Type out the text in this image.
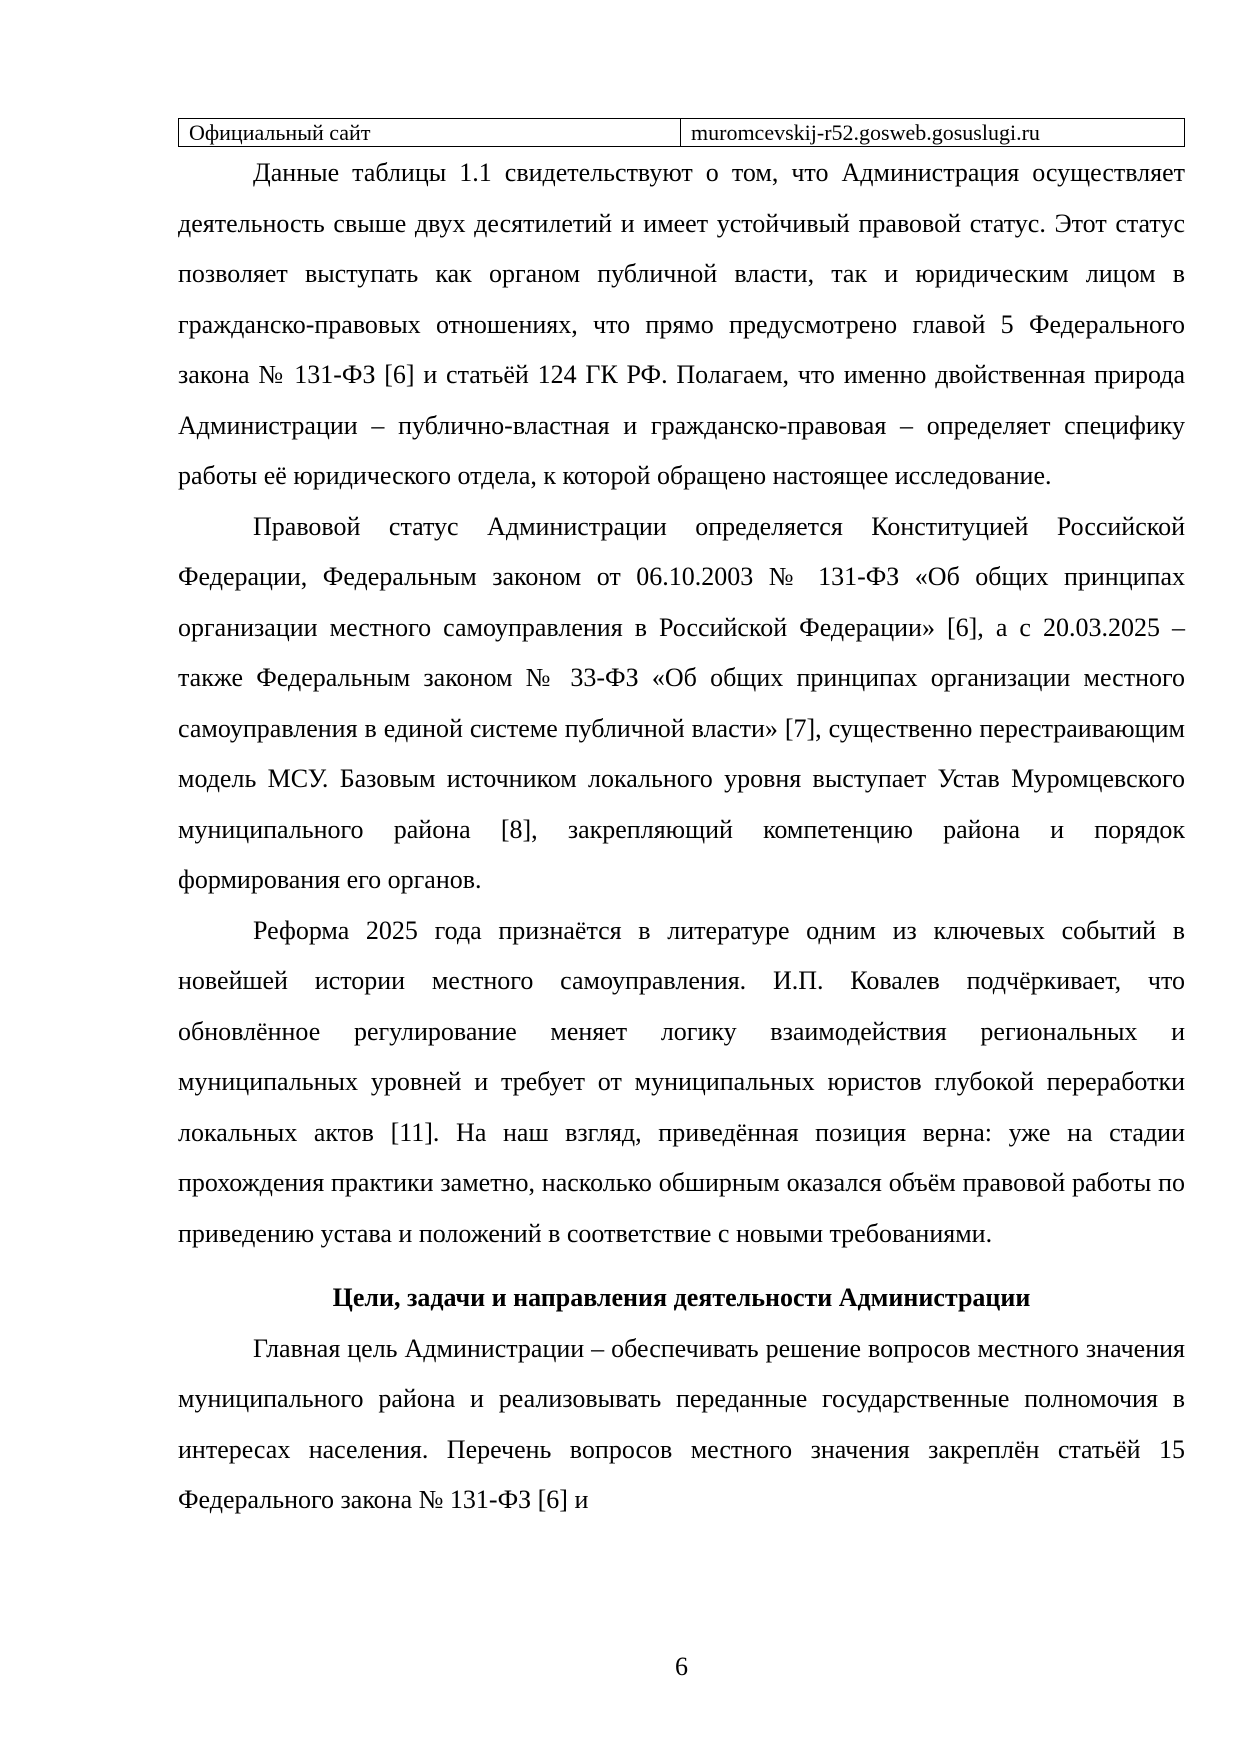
Официальный сайт	muromcevskij-r52.gosweb.gosuslugi.ru

Данные таблицы 1.1 свидетельствуют о том, что Администрация осуществляет деятельность свыше двух десятилетий и имеет устойчивый правовой статус. Этот статус позволяет выступать как органом публичной власти, так и юридическим лицом в гражданско-правовых отношениях, что прямо предусмотрено главой 5 Федерального закона № 131-ФЗ [6] и статьёй 124 ГК РФ. Полагаем, что именно двойственная природа Администрации – публично-властная и гражданско-правовая – определяет специфику работы её юридического отдела, к которой обращено настоящее исследование.

Правовой статус Администрации определяется Конституцией Российской Федерации, Федеральным законом от 06.10.2003 № 131-ФЗ «Об общих принципах организации местного самоуправления в Российской Федерации» [6], а с 20.03.2025 – также Федеральным законом № 33-ФЗ «Об общих принципах организации местного самоуправления в единой системе публичной власти» [7], существенно перестраивающим модель МСУ. Базовым источником локального уровня выступает Устав Муромцевского муниципального района [8], закрепляющий компетенцию района и порядок формирования его органов.

Реформа 2025 года признаётся в литературе одним из ключевых событий в новейшей истории местного самоуправления. И.П. Ковалев подчёркивает, что обновлённое регулирование меняет логику взаимодействия региональных и муниципальных уровней и требует от муниципальных юристов глубокой переработки локальных актов [11]. На наш взгляд, приведённая позиция верна: уже на стадии прохождения практики заметно, насколько обширным оказался объём правовой работы по приведению устава и положений в соответствие с новыми требованиями.

Цели, задачи и направления деятельности Администрации

Главная цель Администрации – обеспечивать решение вопросов местного значения муниципального района и реализовывать переданные государственные полномочия в интересах населения. Перечень вопросов местного значения закреплён статьёй 15 Федерального закона № 131-ФЗ [6] и

6
